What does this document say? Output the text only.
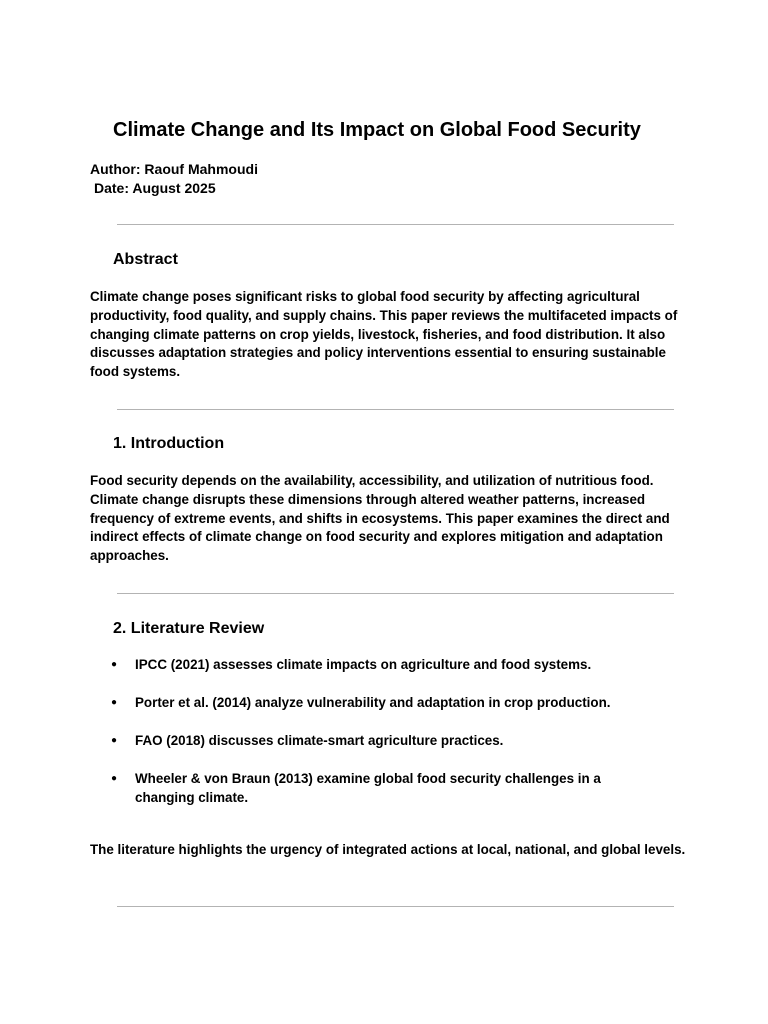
Climate Change and Its Impact on Global Food Security
Author: Raouf Mahmoudi
Date: August 2025
Abstract

Climate change poses significant risks to global food security by affecting agricultural productivity, food quality, and supply chains. This paper reviews the multifaceted impacts of changing climate patterns on crop yields, livestock, fisheries, and food distribution. It also discusses adaptation strategies and policy interventions essential to ensuring sustainable food systems.

1. Introduction

Food security depends on the availability, accessibility, and utilization of nutritious food. Climate change disrupts these dimensions through altered weather patterns, increased frequency of extreme events, and shifts in ecosystems. This paper examines the direct and indirect effects of climate change on food security and explores mitigation and adaptation approaches.

2. Literature Review
● IPCC (2021) assesses climate impacts on agriculture and food systems.
● Porter et al. (2014) analyze vulnerability and adaptation in crop production.
● FAO (2018) discusses climate-smart agriculture practices.
● Wheeler & von Braun (2013) examine global food security challenges in a changing climate.

The literature highlights the urgency of integrated actions at local, national, and global levels.
